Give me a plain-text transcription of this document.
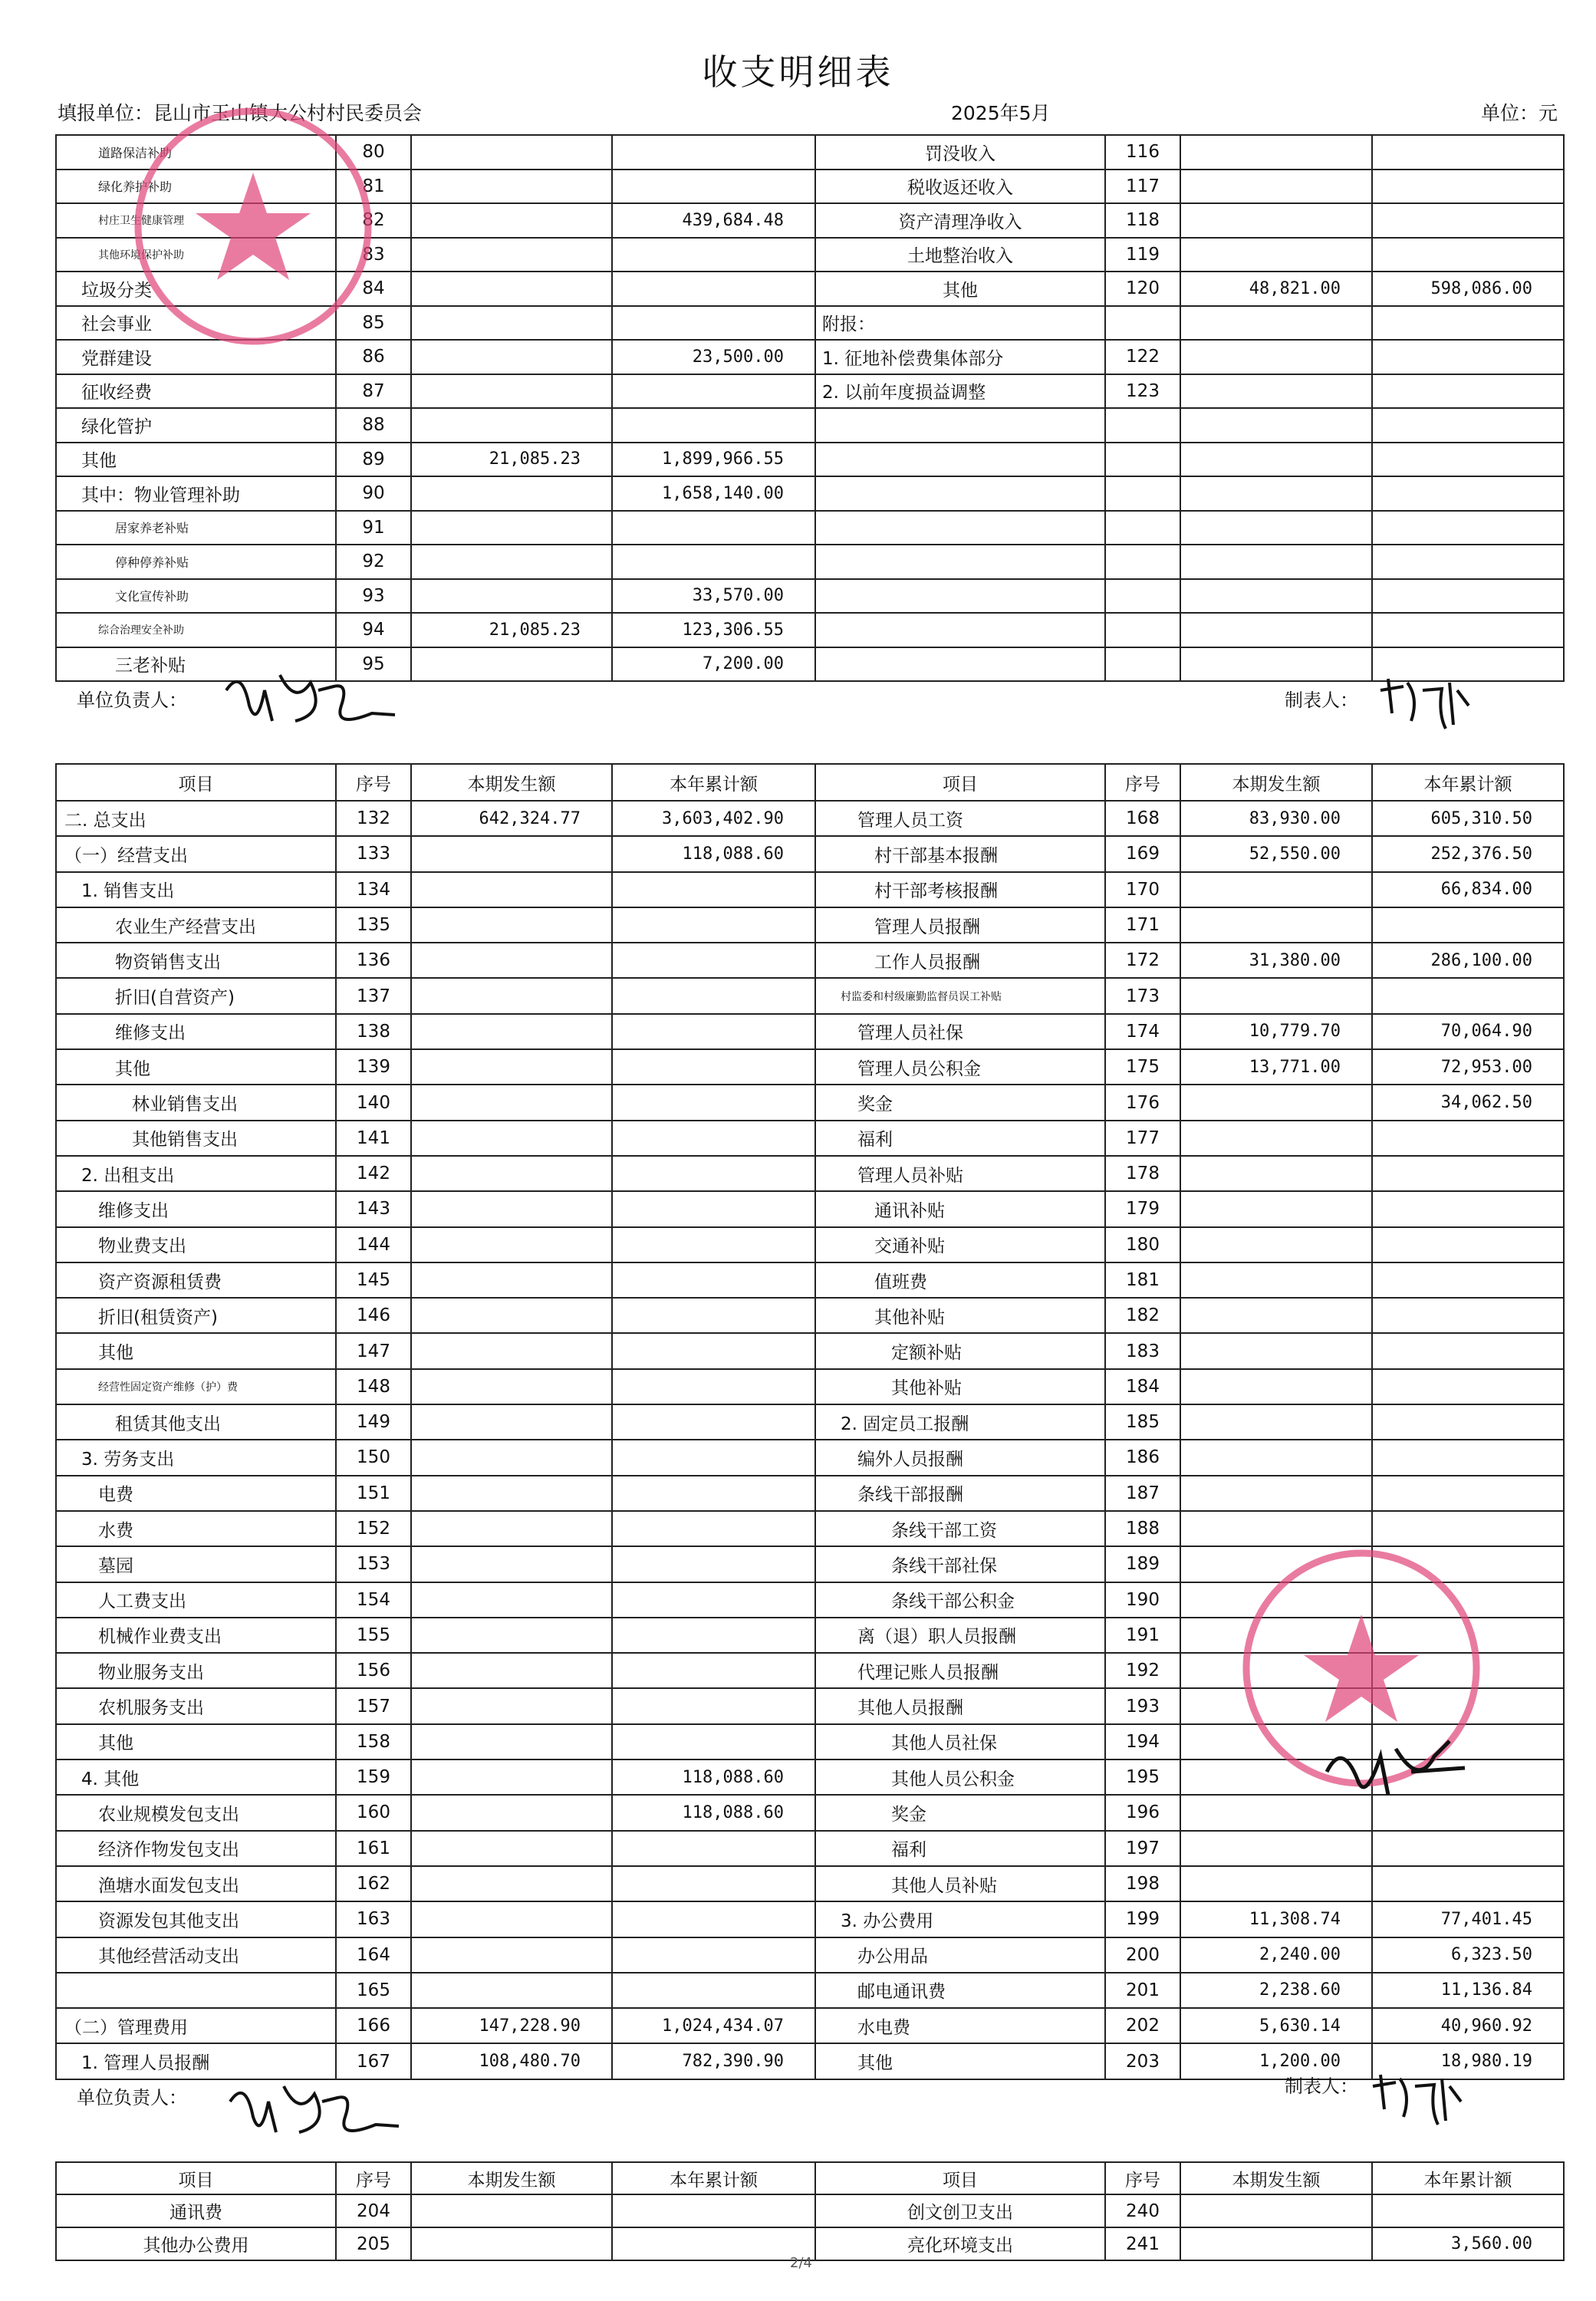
收支明细表
填报单位：昆山市玉山镇大公村村民委员会	2025年5月	单位：元
道路保洁补助	80			罚没收入	116		
绿化养护补助	81			税收返还收入	117		
村庄卫生健康管理	82		439,684.48	资产清理净收入	118		
其他环境保护补助	83			土地整治收入	119		
垃圾分类	84			其他	120	48,821.00	598,086.00
社会事业	85			附报：			
党群建设	86		23,500.00	1. 征地补偿费集体部分	122		
征收经费	87			2. 以前年度损益调整	123		
绿化管护	88						
其他	89	21,085.23	1,899,966.55				
其中：物业管理补助	90		1,658,140.00				
居家养老补贴	91						
停种停养补贴	92						
文化宣传补助	93		33,570.00				
综合治理安全补助	94	21,085.23	123,306.55				
三老补贴	95		7,200.00				
单位负责人：	制表人：
项目	序号	本期发生额	本年累计额	项目	序号	本期发生额	本年累计额
二. 总支出	132	642,324.77	3,603,402.90	管理人员工资	168	83,930.00	605,310.50
（一）经营支出	133		118,088.60	村干部基本报酬	169	52,550.00	252,376.50
1. 销售支出	134			村干部考核报酬	170		66,834.00
农业生产经营支出	135			管理人员报酬	171		
物资销售支出	136			工作人员报酬	172	31,380.00	286,100.00
折旧(自营资产)	137			村监委和村级廉勤监督员误工补贴	173		
维修支出	138			管理人员社保	174	10,779.70	70,064.90
其他	139			管理人员公积金	175	13,771.00	72,953.00
林业销售支出	140			奖金	176		34,062.50
其他销售支出	141			福利	177		
2. 出租支出	142			管理人员补贴	178		
维修支出	143			通讯补贴	179		
物业费支出	144			交通补贴	180		
资产资源租赁费	145			值班费	181		
折旧(租赁资产)	146			其他补贴	182		
其他	147			定额补贴	183		
经营性固定资产维修（护）费	148			其他补贴	184		
租赁其他支出	149			2. 固定员工报酬	185		
3. 劳务支出	150			编外人员报酬	186		
电费	151			条线干部报酬	187		
水费	152			条线干部工资	188		
墓园	153			条线干部社保	189		
人工费支出	154			条线干部公积金	190		
机械作业费支出	155			离（退）职人员报酬	191		
物业服务支出	156			代理记账人员报酬	192		
农机服务支出	157			其他人员报酬	193		
其他	158			其他人员社保	194		
4. 其他	159		118,088.60	其他人员公积金	195		
农业规模发包支出	160		118,088.60	奖金	196		
经济作物发包支出	161			福利	197		
渔塘水面发包支出	162			其他人员补贴	198		
资源发包其他支出	163			3. 办公费用	199	11,308.74	77,401.45
其他经营活动支出	164			办公用品	200	2,240.00	6,323.50
	165			邮电通讯费	201	2,238.60	11,136.84
（二）管理费用	166	147,228.90	1,024,434.07	水电费	202	5,630.14	40,960.92
1. 管理人员报酬	167	108,480.70	782,390.90	其他	203	1,200.00	18,980.19
单位负责人：
制表人：
项目	序号	本期发生额	本年累计额	项目	序号	本期发生额	本年累计额
通讯费	204			创文创卫支出	240		
其他办公费用	205			亮化环境支出	241		3,560.00
2/4
